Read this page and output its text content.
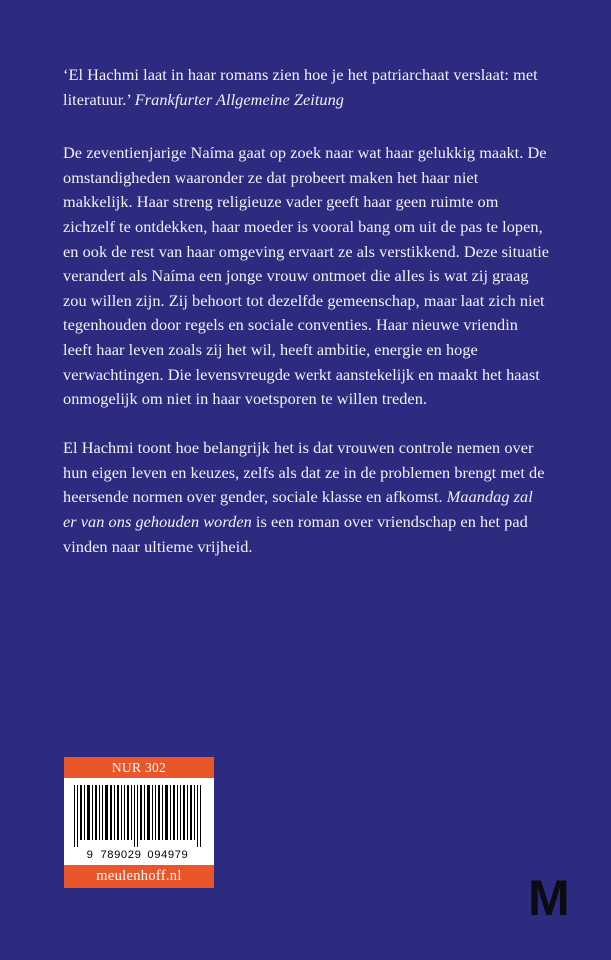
‘El Hachmi laat in haar romans zien hoe je het patriarchaat verslaat: met literatuur.’ Frankfurter Allgemeine Zeitung

De zeventienjarige Naíma gaat op zoek naar wat haar gelukkig maakt. De omstandigheden waaronder ze dat probeert maken het haar niet makkelijk. Haar streng religieuze vader geeft haar geen ruimte om zichzelf te ontdekken, haar moeder is vooral bang om uit de pas te lopen, en ook de rest van haar omgeving ervaart ze als verstikkend. Deze situatie verandert als Naíma een jonge vrouw ontmoet die alles is wat zij graag zou willen zijn. Zij behoort tot dezelfde gemeenschap, maar laat zich niet tegenhouden door regels en sociale conventies. Haar nieuwe vriendin leeft haar leven zoals zij het wil, heeft ambitie, energie en hoge verwachtingen. Die levensvreugde werkt aanstekelijk en maakt het haast onmogelijk om niet in haar voetsporen te willen treden.

El Hachmi toont hoe belangrijk het is dat vrouwen controle nemen over hun eigen leven en keuzes, zelfs als dat ze in de problemen brengt met de heersende normen over gender, sociale klasse en afkomst. Maandag zal er van ons gehouden worden is een roman over vriendschap en het pad vinden naar ultieme vrijheid.

NUR 302
9 789029 094979
meulenhoff.nl	M
